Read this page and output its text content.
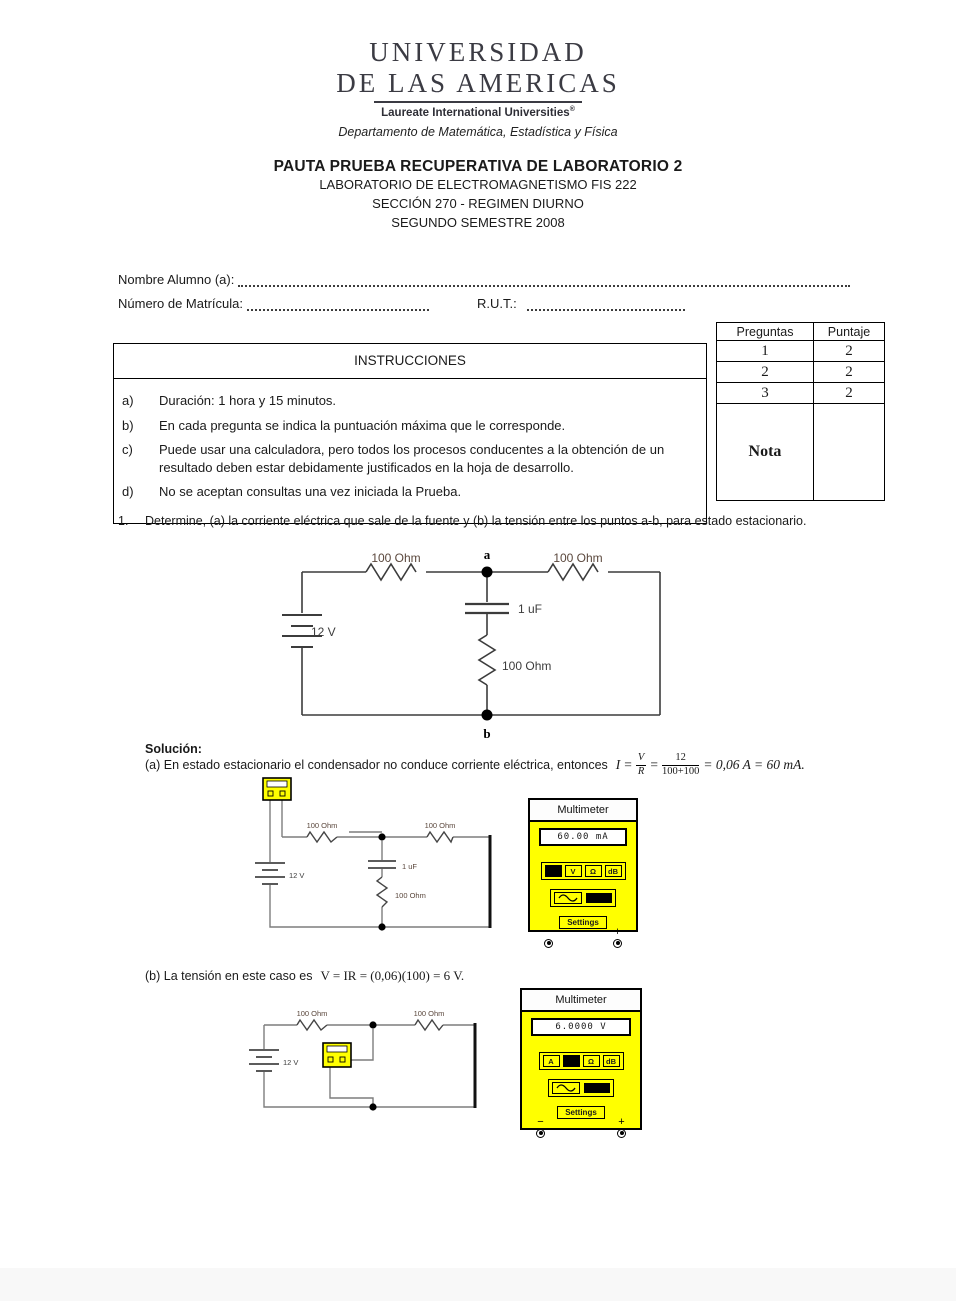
UNIVERSIDAD
DE LAS AMERICAS
Laureate International Universities®
Departamento de Matemática, Estadística y Física
PAUTA PRUEBA RECUPERATIVA DE LABORATORIO 2
LABORATORIO DE ELECTROMAGNETISMO FIS 222
SECCIÓN 270 - REGIMEN DIURNO
SEGUNDO SEMESTRE 2008
Nombre Alumno (a):
Número de Matrícula:	R.U.T.:
Preguntas	Puntaje
1	2
2	2
3	2
Nota	
INSTRUCCIONES
a)	Duración: 1 hora y 15 minutos.
b)	En cada pregunta se indica la puntuación máxima que le corresponde.
c)	Puede usar una calculadora, pero todos los procesos conducentes a la obtención de un resultado deben estar debidamente justificados en la hoja de desarrollo.
d)	No se aceptan consultas una vez iniciada la Prueba.
1.	Determine, (a) la corriente eléctrica que sale de la fuente y (b) la tensión entre los puntos a-b, para estado estacionario.
100 Ohm	100 Ohm
a
b
1 uF
100 Ohm
12 V
Solución:
(a) En estado estacionario el condensador no conduce corriente eléctrica, entonces $I = \frac{V}{R} = \frac{12}{100+100} = 0,06$ A = 60 mA.
100 Ohm	100 Ohm
1 uF
100 Ohm
12 V
Multimeter
60.00 mA
V	Ω	dB
Settings
−	+
(b) La tensión en este caso es V = IR = (0,06)(100) = 6 V.
100 Ohm	100 Ohm
12 V
Multimeter
6.0000 V
A	Ω	dB
Settings
−	+
